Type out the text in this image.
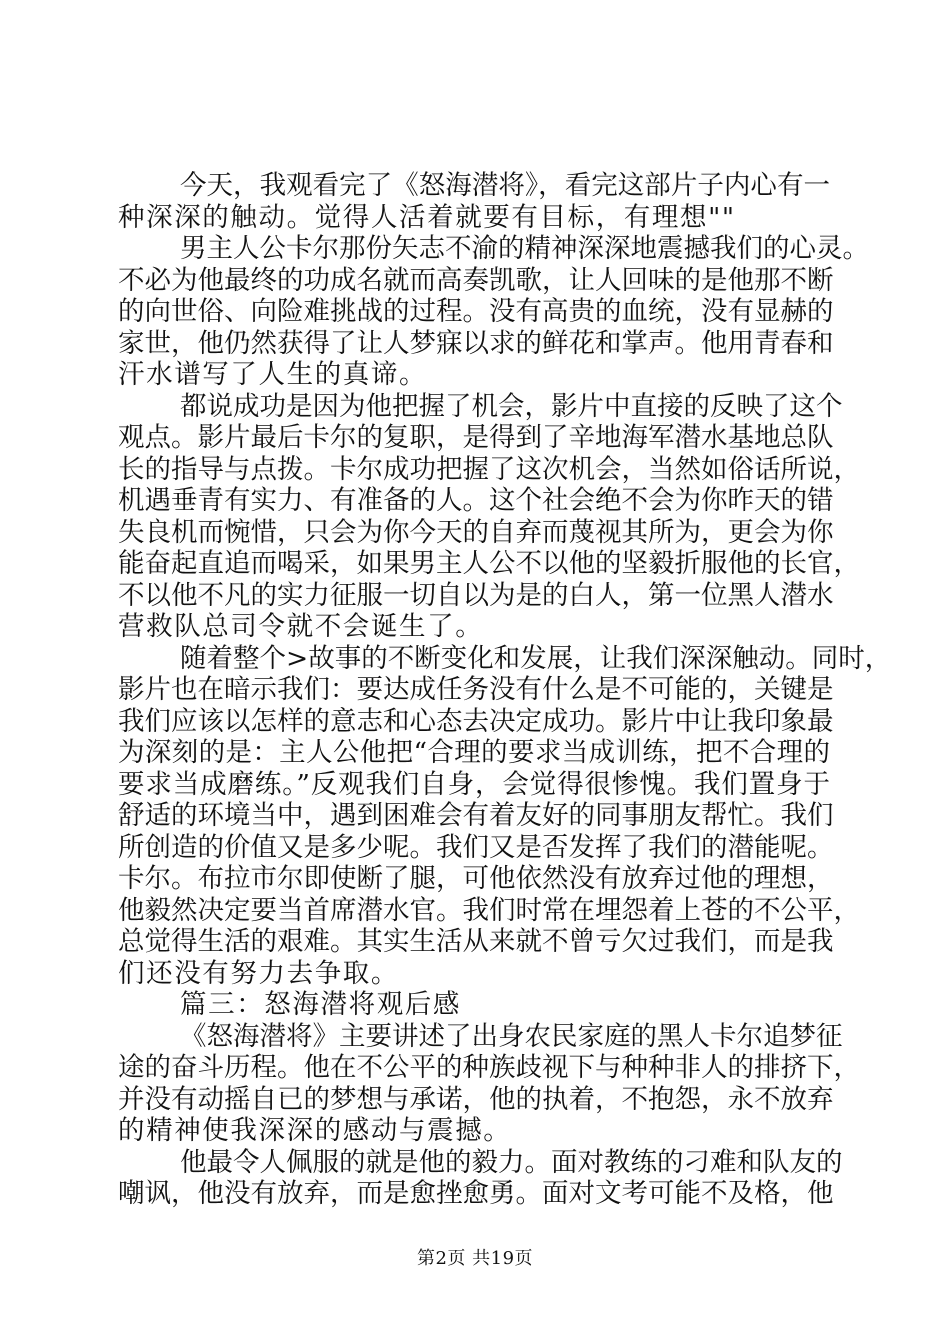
今天，我观看完了《怒海潜将》，看完这部片子内心有一
种深深的触动。觉得人活着就要有目标，有理想""
男主人公卡尔那份矢志不渝的精神深深地震撼我们的心灵。
不必为他最终的功成名就而高奏凯歌，让人回味的是他那不断
的向世俗、向险难挑战的过程。没有高贵的血统，没有显赫的
家世，他仍然获得了让人梦寐以求的鲜花和掌声。他用青春和
汗水谱写了人生的真谛。
都说成功是因为他把握了机会，影片中直接的反映了这个
观点。影片最后卡尔的复职，是得到了辛地海军潜水基地总队
长的指导与点拨。卡尔成功把握了这次机会，当然如俗话所说，
机遇垂青有实力、有准备的人。这个社会绝不会为你昨天的错
失良机而惋惜，只会为你今天的自弃而蔑视其所为，更会为你
能奋起直追而喝采，如果男主人公不以他的坚毅折服他的长官，
不以他不凡的实力征服一切自以为是的白人，第一位黑人潜水
营救队总司令就不会诞生了。
随着整个>故事的不断变化和发展，让我们深深触动。同时，
影片也在暗示我们：要达成任务没有什么是不可能的，关键是
我们应该以怎样的意志和心态去决定成功。影片中让我印象最
为深刻的是：主人公他把“合理的要求当成训练，把不合理的
要求当成磨练。”反观我们自身，会觉得很惨愧。我们置身于
舒适的环境当中，遇到困难会有着友好的同事朋友帮忙。我们
所创造的价值又是多少呢。我们又是否发挥了我们的潜能呢。
卡尔。布拉市尔即使断了腿，可他依然没有放弃过他的理想，
他毅然决定要当首席潜水官。我们时常在埋怨着上苍的不公平，
总觉得生活的艰难。其实生活从来就不曾亏欠过我们，而是我
们还没有努力去争取。
篇三：怒海潜将观后感
《怒海潜将》主要讲述了出身农民家庭的黑人卡尔追梦征
途的奋斗历程。他在不公平的种族歧视下与种种非人的排挤下，
并没有动摇自已的梦想与承诺，他的执着，不抱怨，永不放弃
的精神使我深深的感动与震撼。
他最令人佩服的就是他的毅力。面对教练的刁难和队友的
嘲讽，他没有放弃，而是愈挫愈勇。面对文考可能不及格，他
第2页 共19页
